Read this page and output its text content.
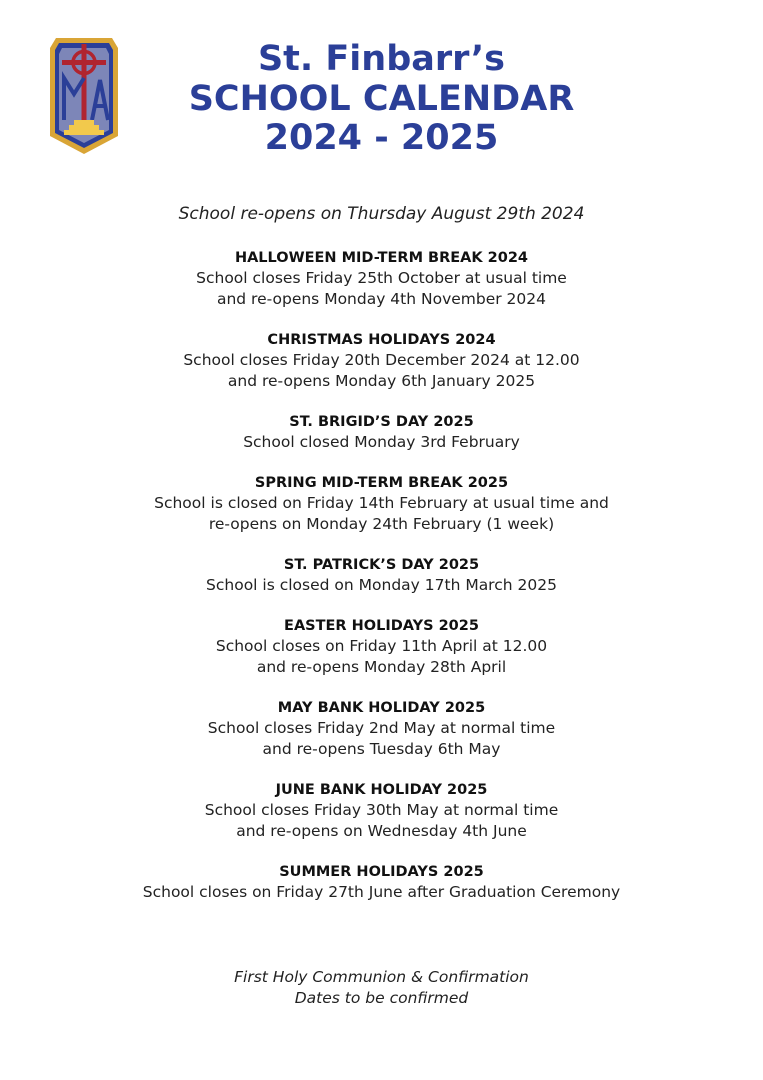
St. Finbarr’s
SCHOOL CALENDAR
2024 - 2025
School re-opens on Thursday August 29th 2024
HALLOWEEN MID-TERM BREAK 2024
School closes Friday 25th October at usual time
and re-opens Monday 4th November 2024
CHRISTMAS HOLIDAYS 2024
School closes Friday 20th December 2024 at 12.00
and re-opens Monday 6th January 2025
ST. BRIGID’S DAY 2025
School closed Monday 3rd February
SPRING MID-TERM BREAK 2025
School is closed on Friday 14th February at usual time and
re-opens on Monday 24th February (1 week)
ST. PATRICK’S DAY 2025
School is closed on Monday 17th March 2025
EASTER HOLIDAYS 2025
School closes on Friday 11th April at 12.00
and re-opens Monday 28th April
MAY BANK HOLIDAY 2025
School closes Friday 2nd May at normal time
and re-opens Tuesday 6th May
JUNE BANK HOLIDAY 2025
School closes Friday 30th May at normal time
and re-opens on Wednesday 4th June
SUMMER HOLIDAYS 2025
School closes on Friday 27th June after Graduation Ceremony
First Holy Communion & Confirmation
Dates to be confirmed
